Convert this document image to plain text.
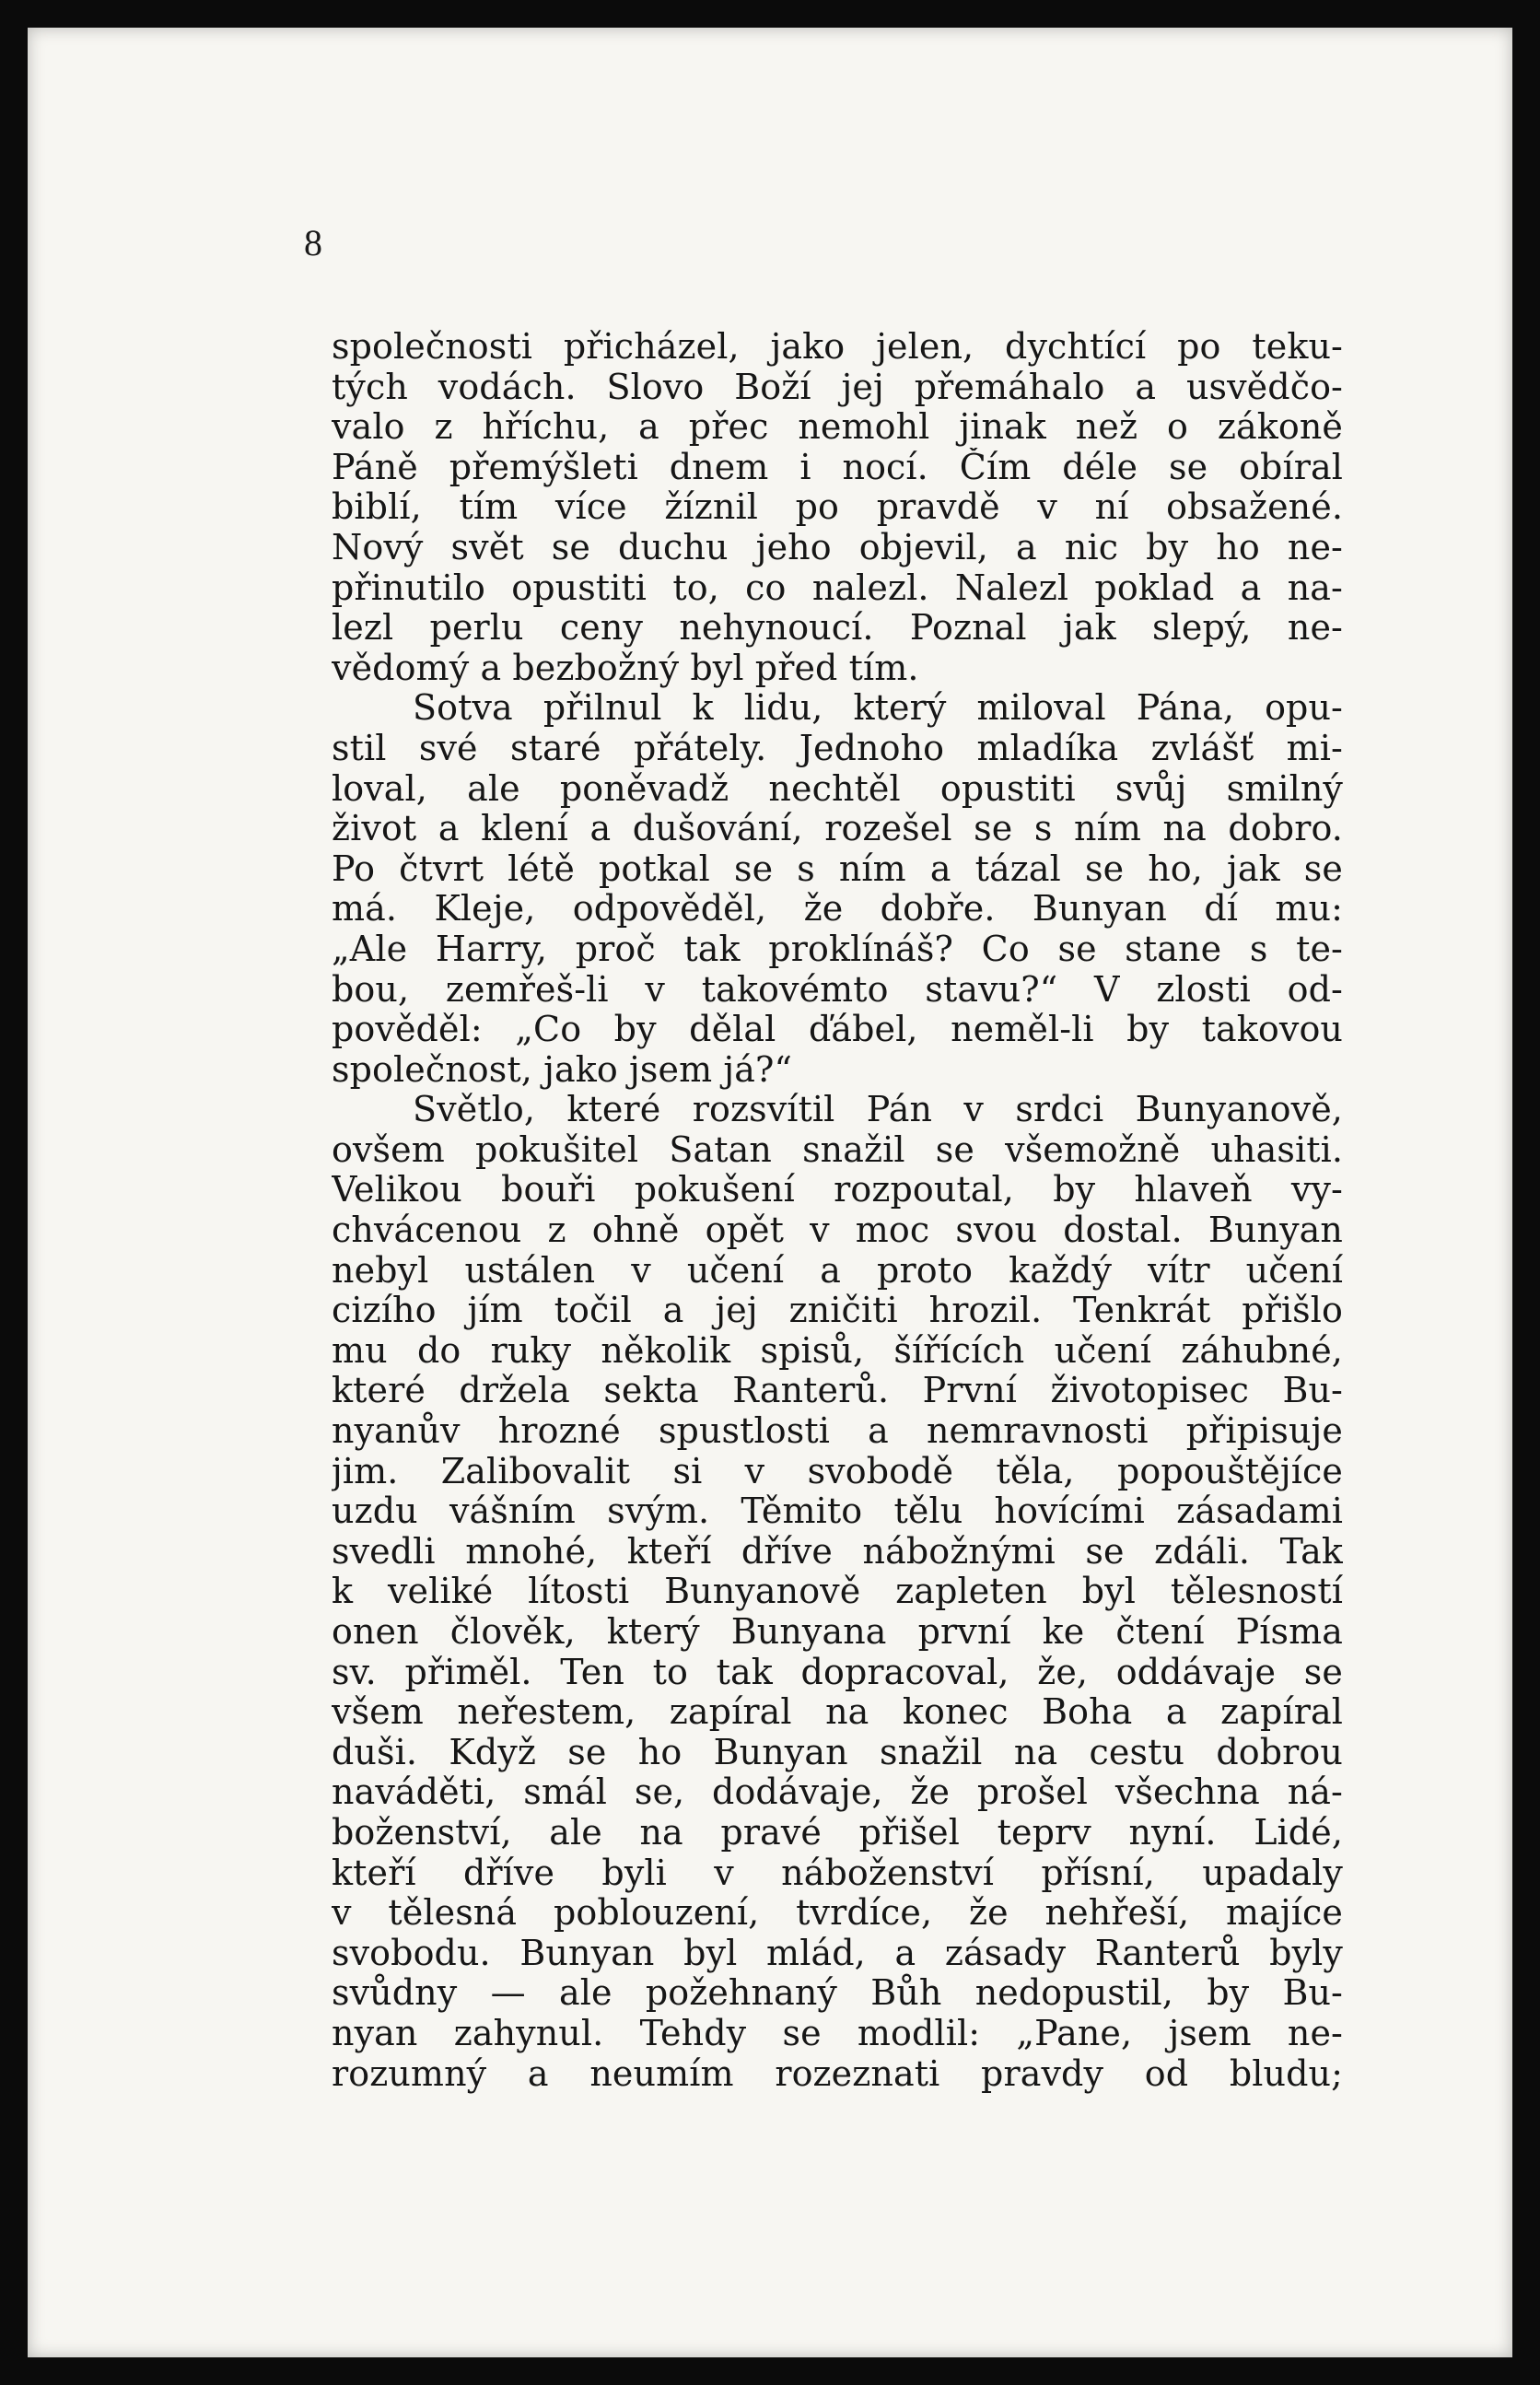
8
společnosti přicházel, jako jelen, dychtící po teku-
tých vodách. Slovo Boží jej přemáhalo a usvědčo-
valo z hříchu, a přec nemohl jinak než o zákoně
Páně přemýšleti dnem i nocí. Čím déle se obíral
biblí, tím více žíznil po pravdě v ní obsažené.
Nový svět se duchu jeho objevil, a nic by ho ne-
přinutilo opustiti to, co nalezl. Nalezl poklad a na-
lezl perlu ceny nehynoucí. Poznal jak slepý, ne-
vědomý a bezbožný byl před tím.
Sotva přilnul k lidu, který miloval Pána, opu-
stil své staré přátely. Jednoho mladíka zvlášť mi-
loval, ale poněvadž nechtěl opustiti svůj smilný
život a klení a dušování, rozešel se s ním na dobro.
Po čtvrt létě potkal se s ním a tázal se ho, jak se
má. Kleje, odpověděl, že dobře. Bunyan dí mu:
„Ale Harry, proč tak proklínáš? Co se stane s te-
bou, zemřeš-li v takovémto stavu?“ V zlosti od-
pověděl: „Co by dělal ďábel, neměl-li by takovou
společnost, jako jsem já?“
Světlo, které rozsvítil Pán v srdci Bunyanově,
ovšem pokušitel Satan snažil se všemožně uhasiti.
Velikou bouři pokušení rozpoutal, by hlaveň vy-
chvácenou z ohně opět v moc svou dostal. Bunyan
nebyl ustálen v učení a proto každý vítr učení
cizího jím točil a jej zničiti hrozil. Tenkrát přišlo
mu do ruky několik spisů, šířících učení záhubné,
které držela sekta Ranterů. První životopisec Bu-
nyanův hrozné spustlosti a nemravnosti připisuje
jim. Zalibovalit si v svobodě těla, popouštějíce
uzdu vášním svým. Těmito tělu hovícími zásadami
svedli mnohé, kteří dříve nábožnými se zdáli. Tak
k veliké lítosti Bunyanově zapleten byl tělesností
onen člověk, který Bunyana první ke čtení Písma
sv. přiměl. Ten to tak dopracoval, že, oddávaje se
všem neřestem, zapíral na konec Boha a zapíral
duši. Když se ho Bunyan snažil na cestu dobrou
naváděti, smál se, dodávaje, že prošel všechna ná-
boženství, ale na pravé přišel teprv nyní. Lidé,
kteří dříve byli v náboženství přísní, upadaly
v tělesná poblouzení, tvrdíce, že nehřeší, majíce
svobodu. Bunyan byl mlád, a zásady Ranterů byly
svůdny — ale požehnaný Bůh nedopustil, by Bu-
nyan zahynul. Tehdy se modlil: „Pane, jsem ne-
rozumný a neumím rozeznati pravdy od bludu;
